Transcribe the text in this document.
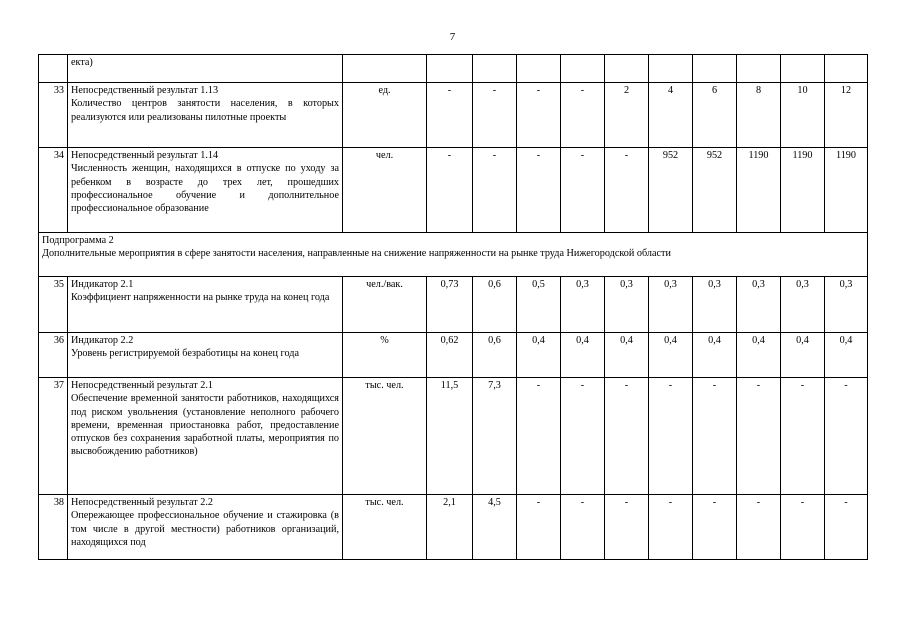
7

	екта)											

33	Непосредственный результат 1.13
Количество центров занятости населения, в которых реализуются или реализованы пилотные проекты	ед.	-	-	-	-	2	4	6	8	10	12
34	Непосредственный результат 1.14
Численность женщин, находящихся в отпуске по уходу за ребенком в возрасте до трех лет, прошедших профессиональное обучение и дополнительное профессиональное образование	чел.	-	-	-	-	-	952	952	1190	1190	1190

Подпрограмма 2
Дополнительные мероприятия в сфере занятости населения, направленные на снижение напряженности на рынке труда Нижегородской области												

35	Индикатор 2.1
Коэффициент напряженности на рынке труда на конец года	чел./вак.	0,73	0,6	0,5	0,3	0,3	0,3	0,3	0,3	0,3	0,3
36	Индикатор 2.2
Уровень регистрируемой безработицы на конец года	%	0,62	0,6	0,4	0,4	0,4	0,4	0,4	0,4	0,4	0,4
37	Непосредственный результат 2.1
Обеспечение временной занятости работников, находящихся под риском увольнения (установление неполного рабочего времени, временная приостановка работ, предоставление отпусков без сохранения заработной платы, мероприятия по высвобождению работников)	тыс. чел.	11,5	7,3	-	-	-	-	-	-	-	-
38	Непосредственный результат 2.2
Опережающее профессиональное обучение и стажировка (в том числе в другой местности) работников организаций, находящихся под	тыс. чел.	2,1	4,5	-	-	-	-	-	-	-	-
